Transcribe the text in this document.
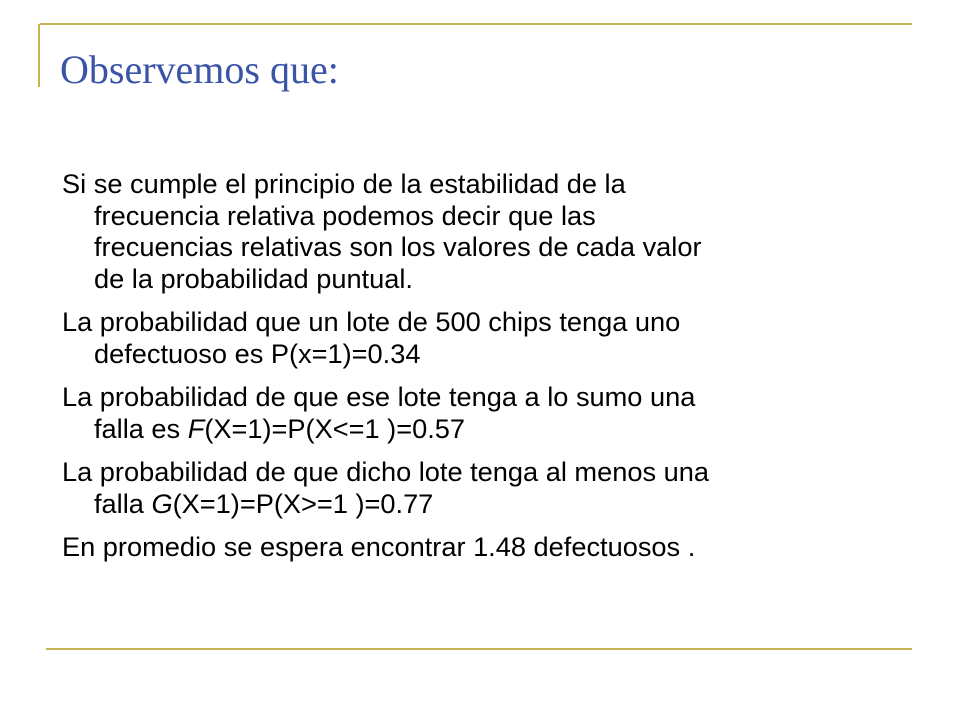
Observemos que:

Si se cumple el principio de la estabilidad de la
frecuencia relativa podemos decir que las
frecuencias relativas son los valores de cada valor
de la probabilidad puntual.

La probabilidad que un lote de 500 chips tenga uno
defectuoso es P(x=1)=0.34

La probabilidad de que ese lote tenga a lo sumo una
falla es F(X=1)=P(X<=1 )=0.57

La probabilidad de que dicho lote tenga al menos una
falla G(X=1)=P(X>=1 )=0.77

En promedio se espera encontrar 1.48 defectuosos .
